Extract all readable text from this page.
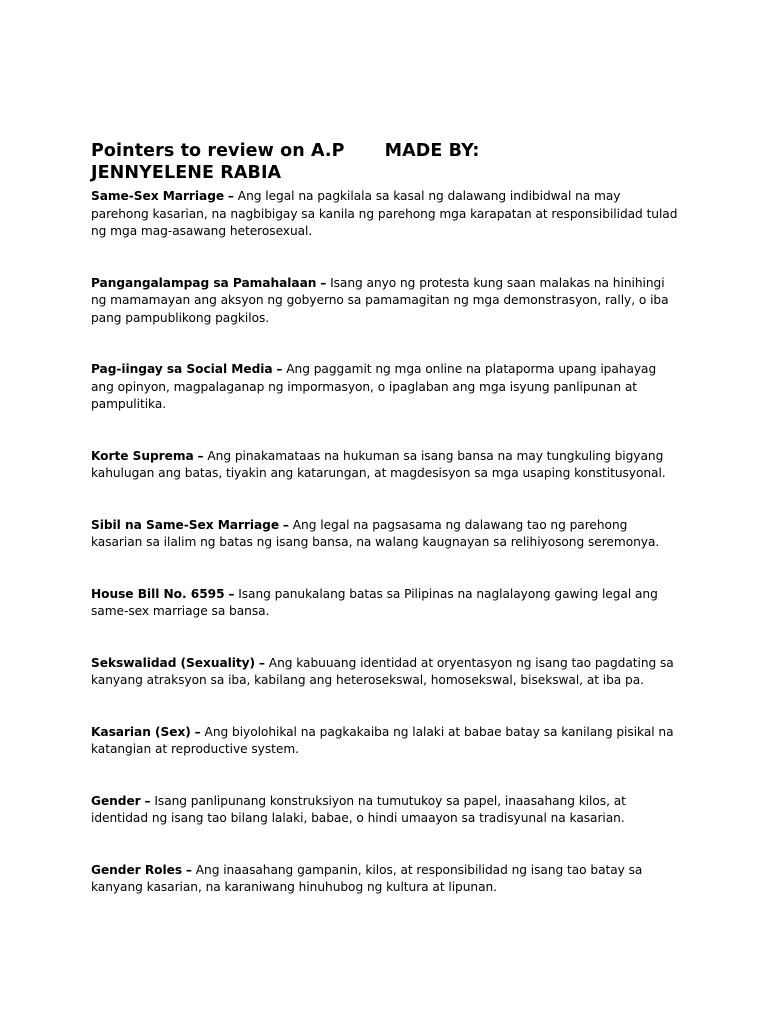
Pointers to review on A.P MADE BY:
JENNYELENE RABIA

Same-Sex Marriage – Ang legal na pagkilala sa kasal ng dalawang indibidwal na may parehong kasarian, na nagbibigay sa kanila ng parehong mga karapatan at responsibilidad tulad ng mga mag-asawang heterosexual.

Pangangalampag sa Pamahalaan – Isang anyo ng protesta kung saan malakas na hinihingi ng mamamayan ang aksyon ng gobyerno sa pamamagitan ng mga demonstrasyon, rally, o iba pang pampublikong pagkilos.

Pag-iingay sa Social Media – Ang paggamit ng mga online na plataporma upang ipahayag ang opinyon, magpalaganap ng impormasyon, o ipaglaban ang mga isyung panlipunan at pampulitika.

Korte Suprema – Ang pinakamataas na hukuman sa isang bansa na may tungkuling bigyang kahulugan ang batas, tiyakin ang katarungan, at magdesisyon sa mga usaping konstitusyonal.

Sibil na Same-Sex Marriage – Ang legal na pagsasama ng dalawang tao ng parehong kasarian sa ilalim ng batas ng isang bansa, na walang kaugnayan sa relihiyosong seremonya.

House Bill No. 6595 – Isang panukalang batas sa Pilipinas na naglalayong gawing legal ang same-sex marriage sa bansa.

Sekswalidad (Sexuality) – Ang kabuuang identidad at oryentasyon ng isang tao pagdating sa kanyang atraksyon sa iba, kabilang ang heterosekswal, homosekswal, bisekswal, at iba pa.

Kasarian (Sex) – Ang biyolohikal na pagkakaiba ng lalaki at babae batay sa kanilang pisikal na katangian at reproductive system.

Gender – Isang panlipunang konstruksiyon na tumutukoy sa papel, inaasahang kilos, at identidad ng isang tao bilang lalaki, babae, o hindi umaayon sa tradisyunal na kasarian.

Gender Roles – Ang inaasahang gampanin, kilos, at responsibilidad ng isang tao batay sa kanyang kasarian, na karaniwang hinuhubog ng kultura at lipunan.
